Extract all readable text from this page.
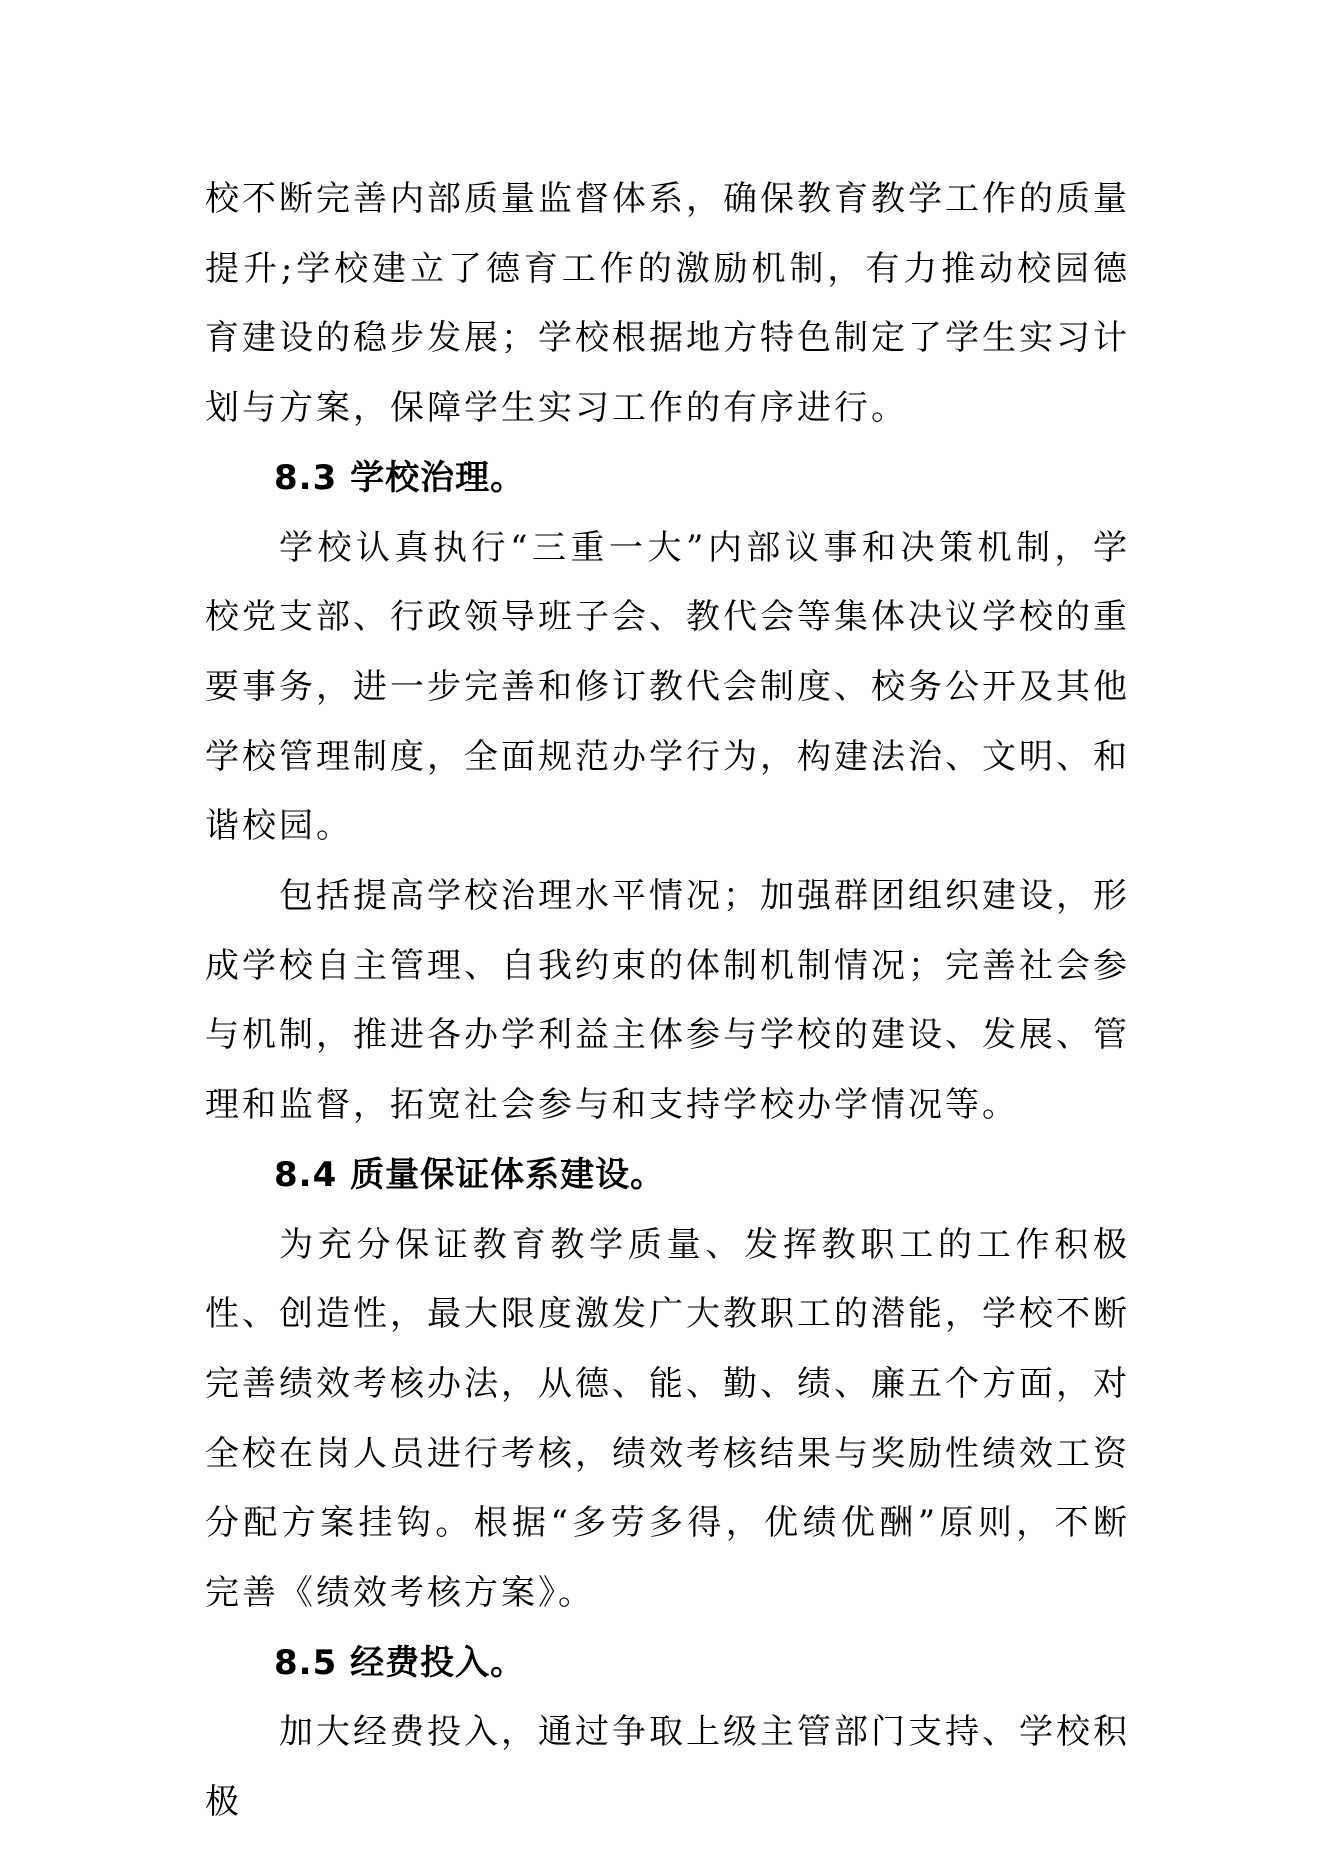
校不断完善内部质量监督体系，确保教育教学工作的质量提升;学校建立了德育工作的激励机制，有力推动校园德育建设的稳步发展；学校根据地方特色制定了学生实习计划与方案，保障学生实习工作的有序进行。

8.3 学校治理。

学校认真执行“三重一大”内部议事和决策机制，学校党支部、行政领导班子会、教代会等集体决议学校的重要事务，进一步完善和修订教代会制度、校务公开及其他学校管理制度，全面规范办学行为，构建法治、文明、和谐校园。

包括提高学校治理水平情况；加强群团组织建设，形成学校自主管理、自我约束的体制机制情况；完善社会参与机制，推进各办学利益主体参与学校的建设、发展、管理和监督，拓宽社会参与和支持学校办学情况等。

8.4 质量保证体系建设。

为充分保证教育教学质量、发挥教职工的工作积极性、创造性，最大限度激发广大教职工的潜能，学校不断完善绩效考核办法，从德、能、勤、绩、廉五个方面，对全校在岗人员进行考核，绩效考核结果与奖励性绩效工资分配方案挂钩。根据“多劳多得，优绩优酬”原则，不断完善《绩效考核方案》。

8.5 经费投入。

加大经费投入，通过争取上级主管部门支持、学校积极
